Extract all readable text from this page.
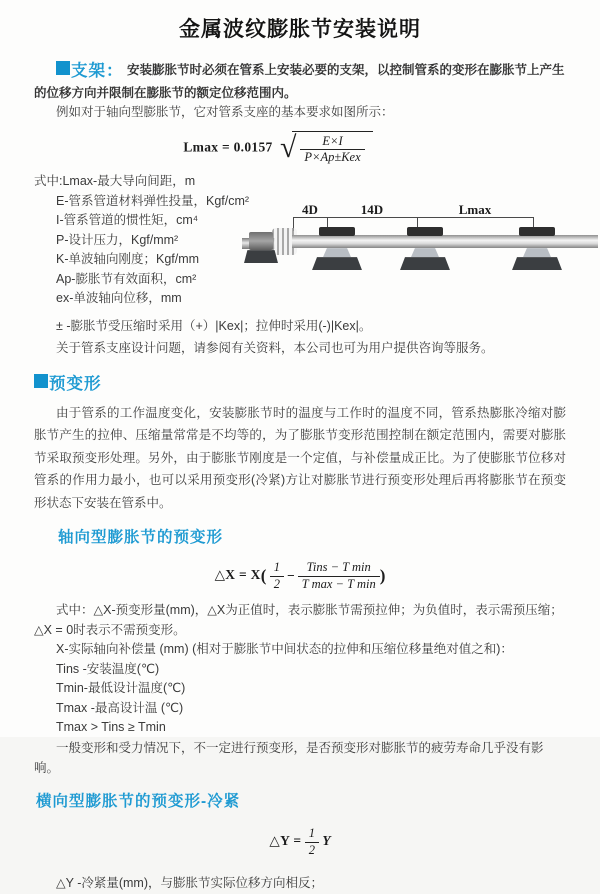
金属波纹膨胀节安装说明

支架： 安装膨胀节时必须在管系上安装必要的支架，以控制管系的变形在膨胀节上产生的位移方向并限制在膨胀节的额定位移范围内。

例如对于轴向型膨胀节，它对管系支座的基本要求如图所示：

Lmax = 0.0157 √ $\frac{E\times I}{\text{P×Ap±Kex}}$
式中:Lmax-最大导向间距，m
E-管系管道材料弹性投量，Kgf/cm²
I-管系管道的惯性矩，cm⁴
P-设计压力，Kgf/mm²
K-单波轴向刚度；Kgf/mm
Ap-膨胀节有效面积，cm²
ex-单波轴向位移，mm
4D	14D	Lmax

± -膨胀节受压缩时采用（+）|Kex|；拉伸时采用(-)|Kex|。

关于管系支座设计问题，请参阅有关资料，本公司也可为用户提供咨询等服务。

预变形

由于管系的工作温度变化，安装膨胀节时的温度与工作时的温度不同，管系热膨胀冷缩对膨胀节产生的拉伸、压缩量常常是不均等的，为了膨胀节变形范围控制在额定范围内，需要对膨胀节采取预变形处理。另外，由于膨胀节刚度是一个定值，与补偿量成正比。为了使膨胀节位移对管系的作用力最小，也可以采用预变形(冷紧)方让对膨胀节进行预变形处理后再将膨胀节在预变形状态下安装在管系中。

轴向型膨胀节的预变形
△X = $X( \frac{1}{2} - \frac{\text{Tins − T min}}{\text{T max − T min}}$ )

式中：△X-预变形量(mm)，△X为正值时，表示膨胀节需预拉伸；为负值时，表示需预压缩；△X = 0时表示不需预变形。

X-实际轴向补偿量 (mm) (相对于膨胀节中间状态的拉伸和压缩位移量绝对值之和)：
Tins -安装温度(℃)
Tmin-最低设计温度(℃)
Tmax -最高设计温 (℃)
Tmax > Tins ≥ Tmin

一般变形和受力情况下，不一定进行预变形，是否预变形对膨胀节的疲劳寿命几乎没有影响。

横向型膨胀节的预变形-冷紧
△Y = $\frac{1}{2}$ Y

△Y -冷紧量(mm)，与膨胀节实际位移方向相反；
